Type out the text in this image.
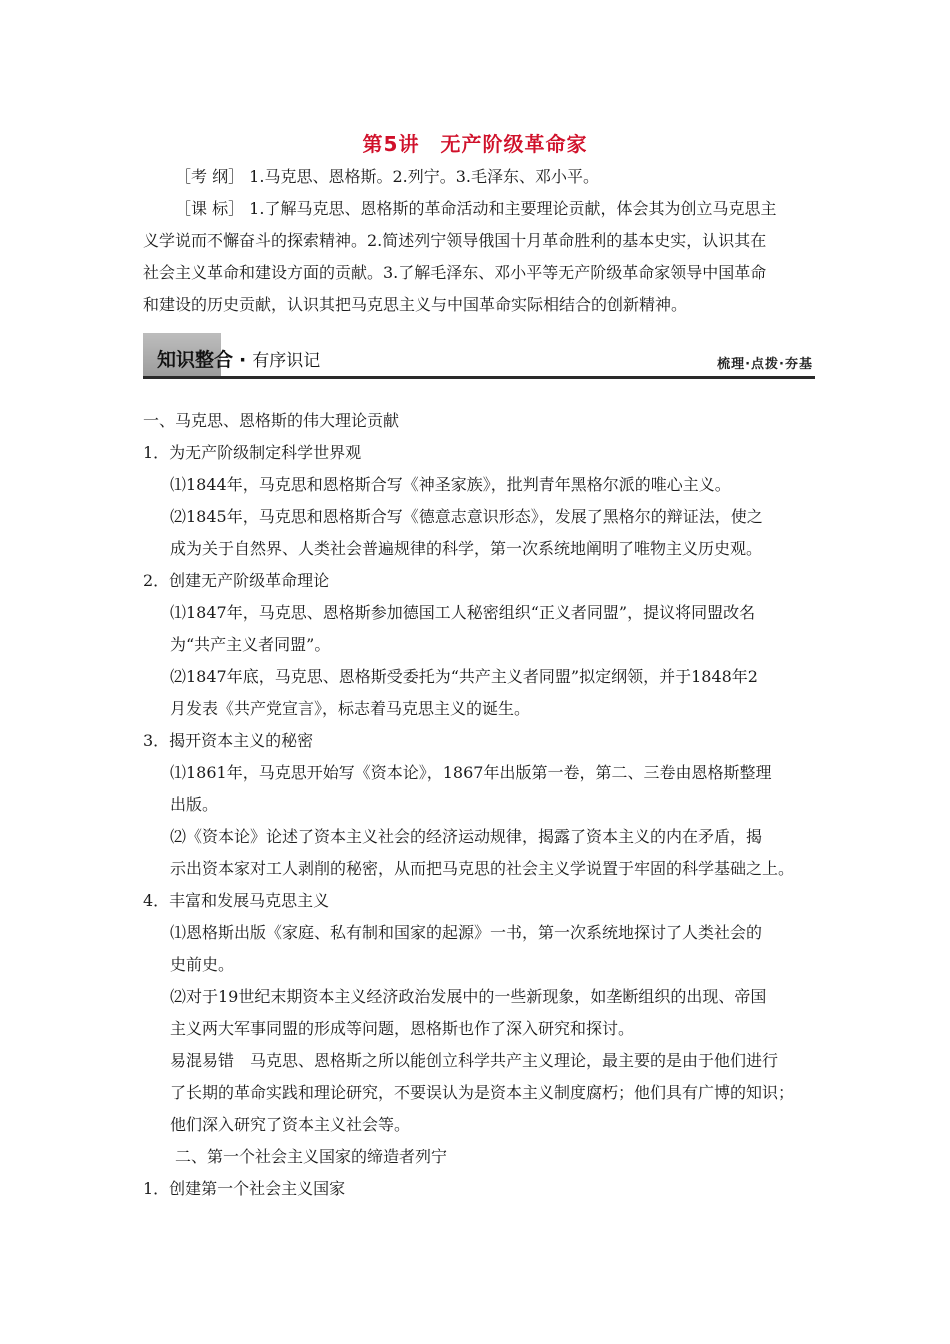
第5讲　无产阶级革命家
［考 纲］ 1.马克思、恩格斯。2.列宁。3.毛泽东、邓小平。
［课 标］ 1.了解马克思、恩格斯的革命活动和主要理论贡献，体会其为创立马克思主
义学说而不懈奋斗的探索精神。2.简述列宁领导俄国十月革命胜利的基本史实，认识其在
社会主义革命和建设方面的贡献。3.了解毛泽东、邓小平等无产阶级革命家领导中国革命
和建设的历史贡献，认识其把马克思主义与中国革命实际相结合的创新精神。
知识整合 · 有序识记	梳理·点拨·夯基
一、马克思、恩格斯的伟大理论贡献
1．为无产阶级制定科学世界观
⑴1844年，马克思和恩格斯合写《神圣家族》，批判青年黑格尔派的唯心主义。
⑵1845年，马克思和恩格斯合写《德意志意识形态》，发展了黑格尔的辩证法，使之
成为关于自然界、人类社会普遍规律的科学，第一次系统地阐明了唯物主义历史观。
2．创建无产阶级革命理论
⑴1847年，马克思、恩格斯参加德国工人秘密组织“正义者同盟”，提议将同盟改名
为“共产主义者同盟”。
⑵1847年底，马克思、恩格斯受委托为“共产主义者同盟”拟定纲领，并于1848年2
月发表《共产党宣言》，标志着马克思主义的诞生。
3．揭开资本主义的秘密
⑴1861年，马克思开始写《资本论》，1867年出版第一卷，第二、三卷由恩格斯整理
出版。
⑵《资本论》论述了资本主义社会的经济运动规律，揭露了资本主义的内在矛盾，揭
示出资本家对工人剥削的秘密，从而把马克思的社会主义学说置于牢固的科学基础之上。
4．丰富和发展马克思主义
⑴恩格斯出版《家庭、私有制和国家的起源》一书，第一次系统地探讨了人类社会的
史前史。
⑵对于19世纪末期资本主义经济政治发展中的一些新现象，如垄断组织的出现、帝国
主义两大军事同盟的形成等问题，恩格斯也作了深入研究和探讨。
易混易错　马克思、恩格斯之所以能创立科学共产主义理论，最主要的是由于他们进行
了长期的革命实践和理论研究，不要误认为是资本主义制度腐朽；他们具有广博的知识；
他们深入研究了资本主义社会等。
二、第一个社会主义国家的缔造者列宁
1．创建第一个社会主义国家
